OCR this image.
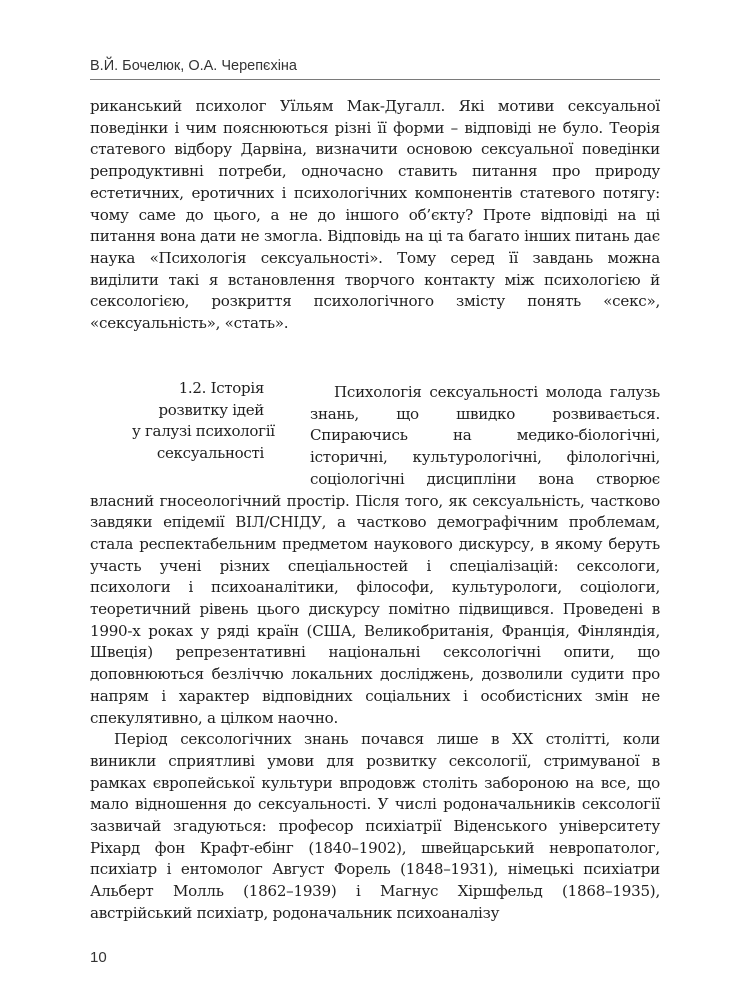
В.Й. Бочелюк, О.А. Черепєхіна

риканський психолог Уїльям Мак-Дугалл. Які мотиви сексуальної поведінки і чим пояснюються різні її форми – відповіді не було. Теорія статевого відбору Дарвіна, визначити основою сексуальної поведінки репродуктивні потреби, одночасно ставить питання про природу естетичних, еротичних і психологічних компонентів статевого потягу: чому саме до цього, а не до іншого об’єкту? Проте відповіді на ці питання вона дати не змогла. Відповідь на ці та багато інших питань дає наука «Психологія сексуальності». Тому серед її завдань можна виділити такі я встановлення творчого контакту між психологією й сексологією, розкриття психологічного змісту понять «секс», «сексуальність», «стать».

1.2. Історія
розвитку ідей
у галузі психології
сексуальності

Психологія сексуальності молода галузь знань, що швидко розвивається. Спираючись на медико-біологічні, історичні, культурологічні, філологічні, соціологічні дисципліни вона створює власний гносеологічний простір. Після того, як сексуальність, частково завдяки епідемії ВІЛ/СНІДУ, а частково демографічним проблемам, стала респектабельним предметом наукового дискурсу, в якому беруть участь учені різних спеціальностей і спеціалізацій: сексологи, психологи і психоаналітики, філософи, культурологи, соціологи, теоретичний рівень цього дискурсу помітно підвищився. Проведені в 1990-х роках у ряді країн (США, Великобританія, Франція, Фінляндія, Швеція) репрезентативні національні сексологічні опити, що доповнюються безліччю локальних досліджень, дозволили судити про напрям і характер відповідних соціальних і особистісних змін не спекулятивно, а цілком наочно.

Період сексологічних знань почався лише в XX столітті, коли виникли сприятливі умови для розвитку сексології, стримуваної в рамках європейської культури впродовж століть забороною на все, що мало відношення до сексуальності. У числі родоначальників сексології зазвичай згадуються: професор психіатрії Віденського університету Ріхард фон Крафт-ебінг (1840–1902), швейцарський невропатолог, психіатр і ентомолог Август Форель (1848–1931), німецькі психіатри Альберт Молль (1862–1939) і Магнус Хіршфельд (1868–1935), австрійський психіатр, родоначальник психоаналізу

10
